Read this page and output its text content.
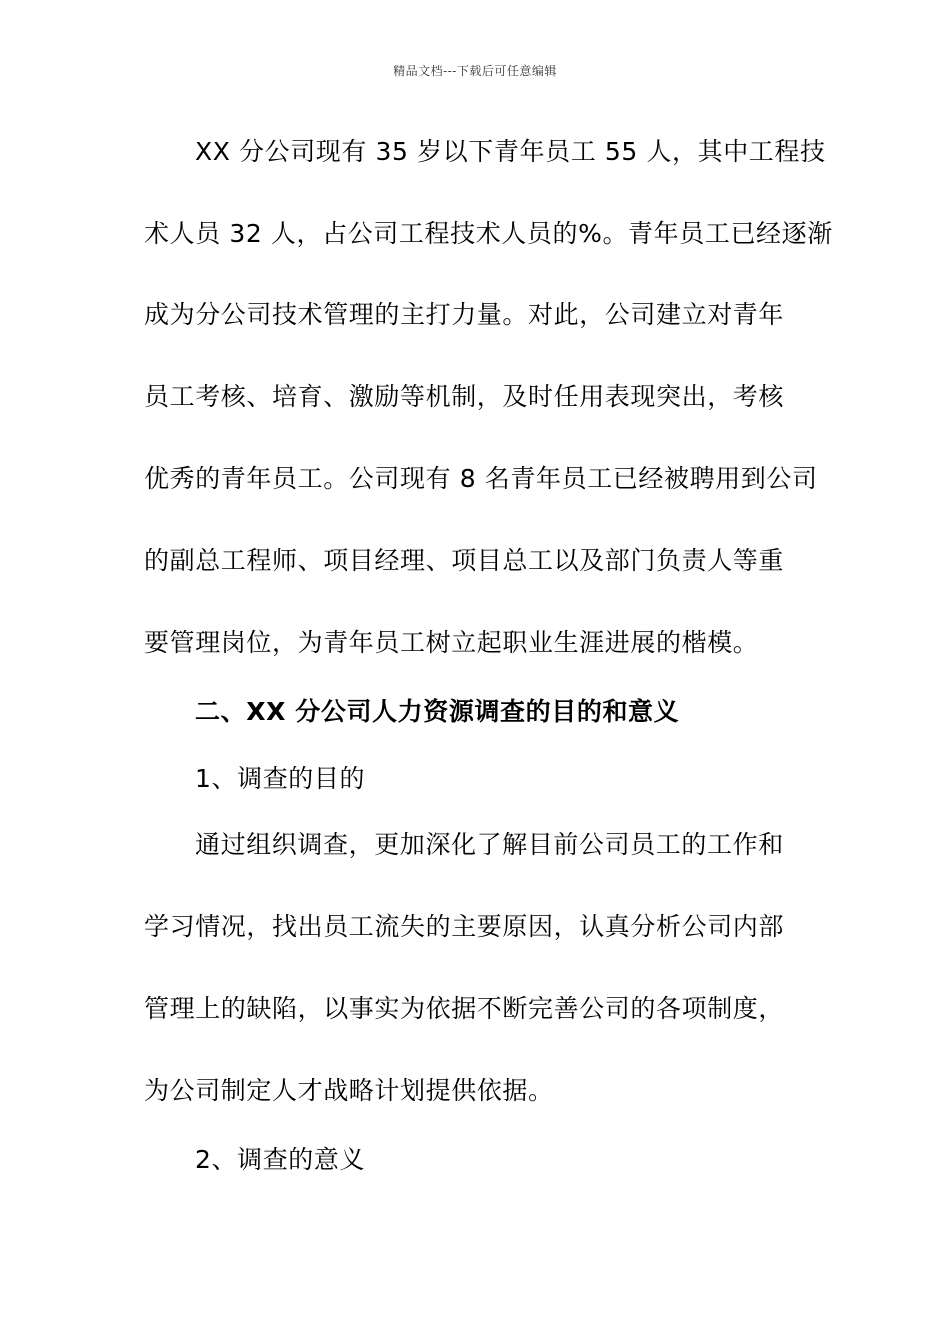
精品文档---下载后可任意编辑
XX 分公司现有 35 岁以下青年员工 55 人，其中工程技
术人员 32 人，占公司工程技术人员的%。青年员工已经逐渐
成为分公司技术管理的主打力量。对此，公司建立对青年
员工考核、培育、激励等机制，及时任用表现突出，考核
优秀的青年员工。公司现有 8 名青年员工已经被聘用到公司
的副总工程师、项目经理、项目总工以及部门负责人等重
要管理岗位，为青年员工树立起职业生涯进展的楷模。
二、XX 分公司人力资源调查的目的和意义
1、调查的目的
通过组织调查，更加深化了解目前公司员工的工作和
学习情况，找出员工流失的主要原因，认真分析公司内部
管理上的缺陷，以事实为依据不断完善公司的各项制度，
为公司制定人才战略计划提供依据。
2、调查的意义
